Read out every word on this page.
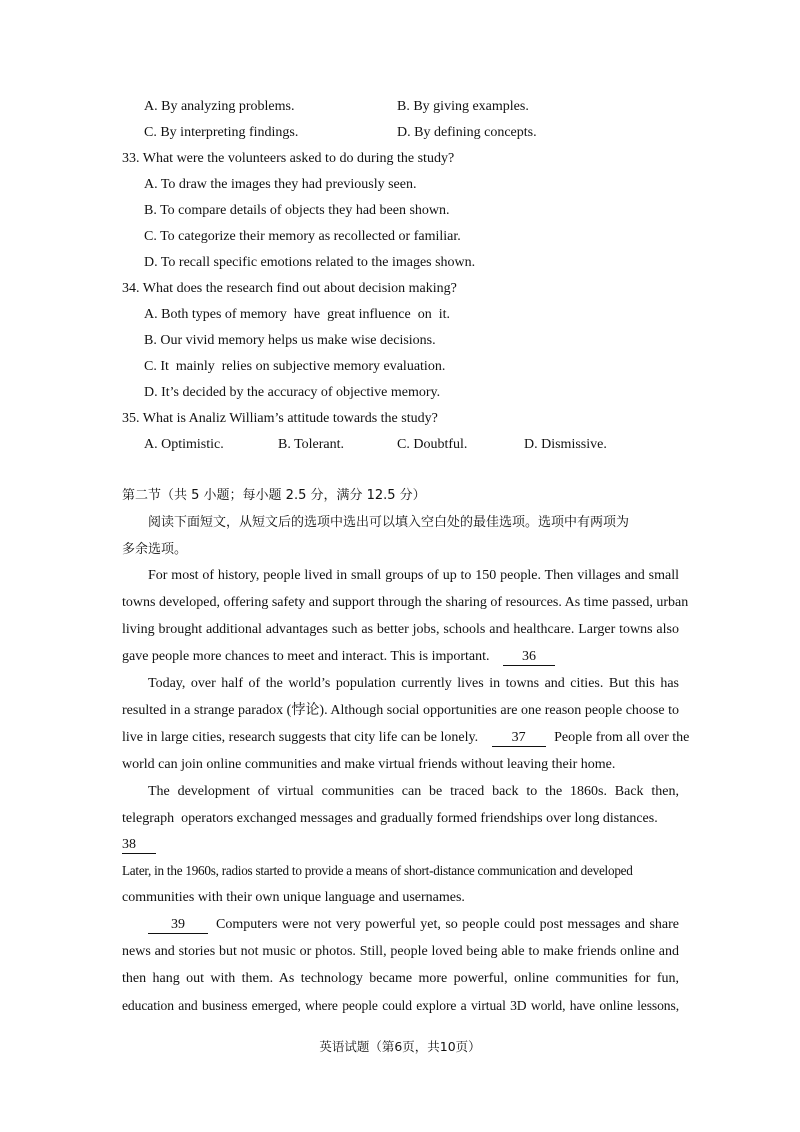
A. By analyzing problems.	B. By giving examples.
C. By interpreting findings.	D. By defining concepts.
33. What were the volunteers asked to do during the study?
A. To draw the images they had previously seen.
B. To compare details of objects they had been shown.
C. To categorize their memory as recollected or familiar.
D. To recall specific emotions related to the images shown.
34. What does the research find out about decision making?
A. Both types of memory  have  great influence  on  it.
B. Our vivid memory helps us make wise decisions.
C. It  mainly  relies on subjective memory evaluation.
D. It’s decided by the accuracy of objective memory.
35. What is Analiz William’s attitude towards the study?
A. Optimistic.	B. Tolerant.	C. Doubtful.	D. Dismissive.
第二节（共 5 小题；每小题 2.5 分，满分 12.5 分）
阅读下面短文，从短文后的选项中选出可以填入空白处的最佳选项。选项中有两项为
多余选项。
For most of history, people lived in small groups of up to 150 people. Then villages and small
towns developed, offering safety and support through the sharing of resources. As time passed, urban
living brought additional advantages such as better jobs, schools and healthcare. Larger towns also
gave people more chances to meet and interact. This is important. 36
Today, over half of the world’s population currently lives in towns and cities. But this has
resulted in a strange paradox (悖论). Although social opportunities are one reason people choose to
live in large cities, research suggests that city life can be lonely. 37 People from all over the
world can join online communities and make virtual friends without leaving their home.
The development of virtual communities can be traced back to the 1860s. Back then,
telegraph  operators exchanged messages and gradually formed friendships over long distances.
38
Later, in the 1960s, radios started to provide a means of short-distance communication and developed
communities with their own unique language and usernames.
39	Computers were not very powerful yet, so people could post messages and share
news and stories but not music or photos. Still, people loved being able to make friends online and
then hang out with them. As technology became more powerful, online communities for fun,
education and business emerged, where people could explore a virtual 3D world, have online lessons,
英语试题（第6页，共10页）
